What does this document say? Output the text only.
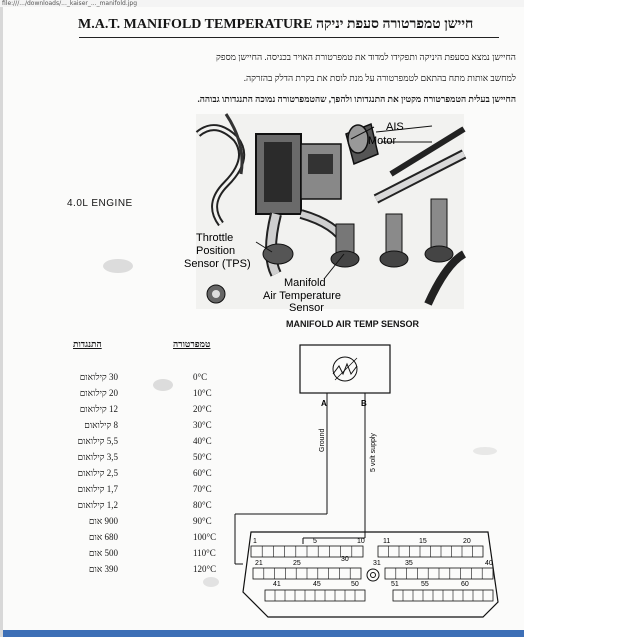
file:///.../downloads/..._kaiser_..._manifold.jpg
M.A.T. MANIFOLD TEMPERATURE חיישן טמפרטורה סעפת יניקה
החיישן נמצא בסעפת היניקה ותפקידו למדוד את טמפרטורת האויר בכניסה. החיישן מספק
למחשב אותות מתח בהתאם לטמפרטורה על מנת לוסת את בקרת הדלק בהזרקה.
החיישן בעלית הטמפרטורה מקטין את התנגדותו ולהפך, שהטמפרטורה נמוכה התנגדותו גבוהה.
4.0L ENGINE
AIS
Motor
Throttle
Position
Sensor (TPS)
Manifold
Air Temperature
Sensor
התנגדות	טמפרטורה
30 קילואום	0°C
20 קילואום	10°C
12 קילואום	20°C
8 קילואום	30°C
5,5 קילואום	40°C
3,5 קילואום	50°C
2,5 קילואום	60°C
1,7 קילואום	70°C
1,2 קילואום	80°C
900 אום	90°C
680 אום	100°C
500 אום	110°C
390 אום	120°C
MANIFOLD AIR TEMP SENSOR
A	B
Ground	5 volt supply
1	5	10	11	15	20
21	25
30
31	35	40
41	45	50	51	55	60
